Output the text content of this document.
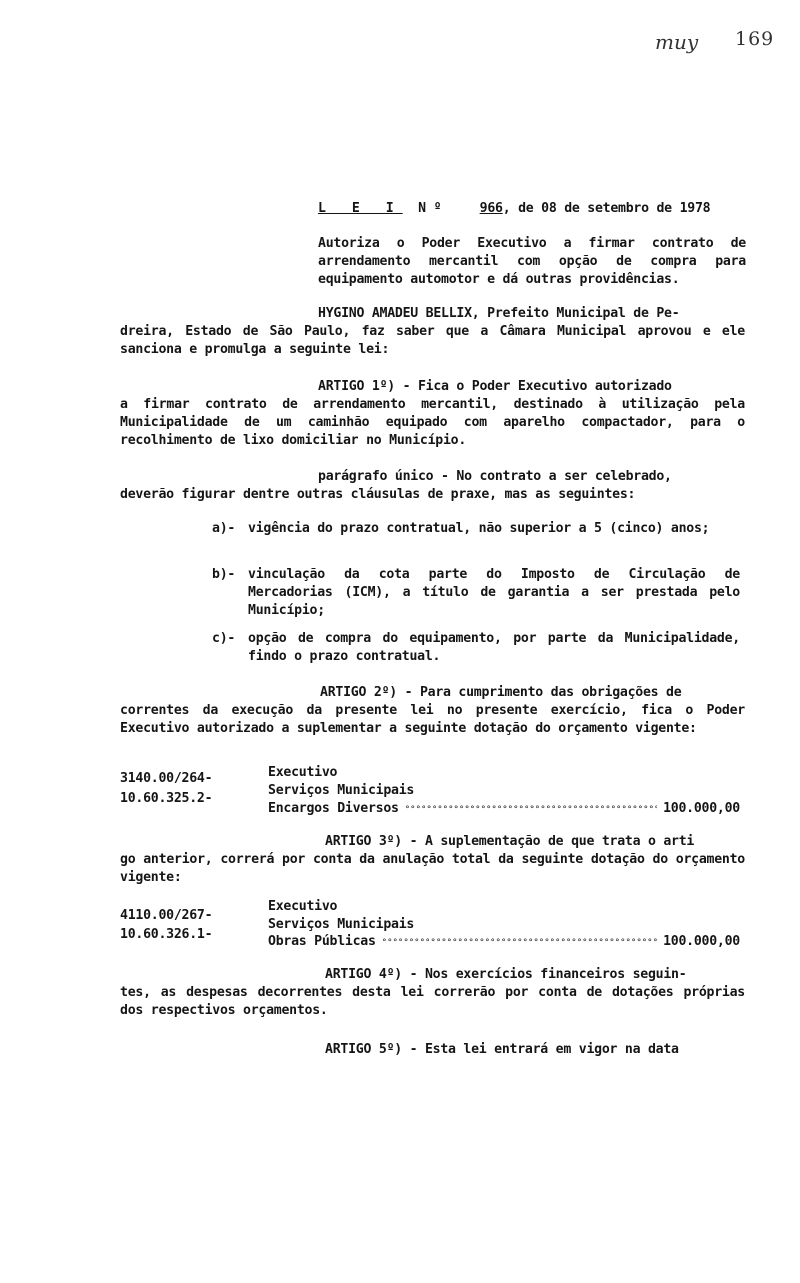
muy 169
L E I N º	966, de 08 de setembro de 1978
Autoriza o Poder Executivo a firmar contrato de arrendamento mercantil com opção de compra para equipamento automotor e dá outras providências.
HYGINO AMADEU BELLIX, Prefeito Municipal de Pe-
dreira, Estado de São Paulo, faz saber que a Câmara Municipal aprovou e ele sanciona e promulga a seguinte lei:
ARTIGO 1º) - Fica o Poder Executivo autorizado
a firmar contrato de arrendamento mercantil, destinado à utilização pela Municipalidade de um caminhão equipado com aparelho compactador, para o recolhimento de lixo domiciliar no Município.
parágrafo único - No contrato a ser celebrado,
deverão figurar dentre outras cláusulas de praxe, mas as seguintes:
a)- vigência do prazo contratual, não superior a 5 (cinco) anos;
b)- vinculação da cota parte do Imposto de Circulação de Mercadorias (ICM), a título de garantia a ser prestada pelo Município;
c)- opção de compra do equipamento, por parte da Municipalidade, findo o prazo contratual.
ARTIGO 2º) - Para cumprimento das obrigações de
correntes da execução da presente lei no presente exercício, fica o Poder Executivo autorizado a suplementar a seguinte dotação do orçamento vigente:
3140.00/264-
10.60.325.2-
Executivo
Serviços Municipais
Encargos Diversos °°°°°°°°°°°°°°°°°°°°°°°°°°°°°°°°°°°°°°°°°°°°°°°°°°°°°°°°°°°°°°°°°°	100.000,00
ARTIGO 3º) - A suplementação de que trata o arti
go anterior, correrá por conta da anulação total da seguinte dotação do orçamento vigente:
4110.00/267-
10.60.326.1-
Executivo
Serviços Municipais
Obras Públicas °°°°°°°°°°°°°°°°°°°°°°°°°°°°°°°°°°°°°°°°°°°°°°°°°°°°°°°°°°°°°°°°°°	100.000,00
ARTIGO 4º) - Nos exercícios financeiros seguin-
tes, as despesas decorrentes desta lei correrão por conta de dotações próprias dos respectivos orçamentos.
ARTIGO 5º) - Esta lei entrará em vigor na data
